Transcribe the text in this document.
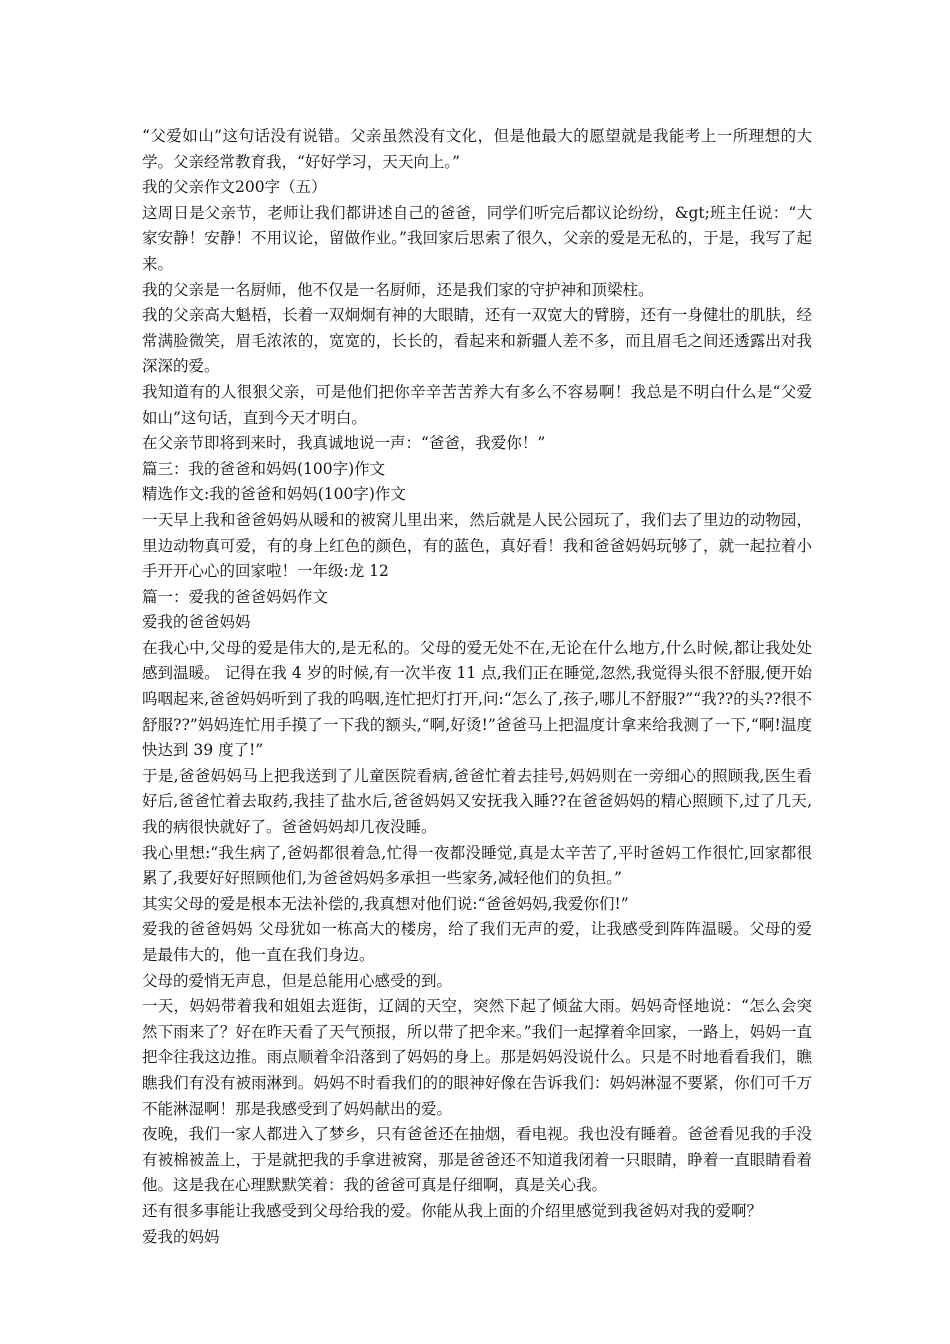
“父爱如山”这句话没有说错。父亲虽然没有文化，但是他最大的愿望就是我能考上一所理想的大学。父亲经常教育我，“好好学习，天天向上。”

我的父亲作文200字（五）

这周日是父亲节，老师让我们都讲述自己的爸爸，同学们听完后都议论纷纷，&gt;班主任说：“大家安静！安静！不用议论，留做作业。”我回家后思索了很久，父亲的爱是无私的，于是，我写了起来。

我的父亲是一名厨师，他不仅是一名厨师，还是我们家的守护神和顶梁柱。

我的父亲高大魁梧，长着一双炯炯有神的大眼睛，还有一双宽大的臂膀，还有一身健壮的肌肤，经常满脸微笑，眉毛浓浓的，宽宽的，长长的，看起来和新疆人差不多，而且眉毛之间还透露出对我深深的爱。

我知道有的人很狠父亲，可是他们把你辛辛苦苦养大有多么不容易啊！我总是不明白什么是“父爱如山”这句话，直到今天才明白。

在父亲节即将到来时，我真诚地说一声：“爸爸，我爱你！”

篇三：我的爸爸和妈妈(100字)作文

精选作文:我的爸爸和妈妈(100字)作文

一天早上我和爸爸妈妈从暖和的被窝儿里出来，然后就是人民公园玩了，我们去了里边的动物园，里边动物真可爱，有的身上红色的颜色，有的蓝色，真好看！我和爸爸妈妈玩够了，就一起拉着小手开开心心的回家啦！一年级:龙 12

篇一：爱我的爸爸妈妈作文

爱我的爸爸妈妈

在我心中,父母的爱是伟大的,是无私的。父母的爱无处不在,无论在什么地方,什么时候,都让我处处感到温暖。 记得在我 4 岁的时候,有一次半夜 11 点,我们正在睡觉,忽然,我觉得头很不舒服,便开始呜咽起来,爸爸妈妈听到了我的呜咽,连忙把灯打开,问:“怎么了,孩子,哪儿不舒服?”“我??的头??很不舒服??”妈妈连忙用手摸了一下我的额头,“啊,好烫!”爸爸马上把温度计拿来给我测了一下,“啊!温度快达到 39 度了!”

于是,爸爸妈妈马上把我送到了儿童医院看病,爸爸忙着去挂号,妈妈则在一旁细心的照顾我,医生看好后,爸爸忙着去取药,我挂了盐水后,爸爸妈妈又安抚我入睡??在爸爸妈妈的精心照顾下,过了几天,我的病很快就好了。爸爸妈妈却几夜没睡。

我心里想:“我生病了,爸妈都很着急,忙得一夜都没睡觉,真是太辛苦了,平时爸妈工作很忙,回家都很累了,我要好好照顾他们,为爸爸妈妈多承担一些家务,减轻他们的负担。”

其实父母的爱是根本无法补偿的,我真想对他们说:“爸爸妈妈,我爱你们!”

爱我的爸爸妈妈 父母犹如一栋高大的楼房，给了我们无声的爱，让我感受到阵阵温暖。父母的爱是最伟大的，他一直在我们身边。

父母的爱悄无声息，但是总能用心感受的到。

一天，妈妈带着我和姐姐去逛街，辽阔的天空，突然下起了倾盆大雨。妈妈奇怪地说：“怎么会突然下雨来了？好在昨天看了天气预报，所以带了把伞来。”我们一起撑着伞回家，一路上，妈妈一直把伞往我这边推。雨点顺着伞沿落到了妈妈的身上。那是妈妈没说什么。只是不时地看看我们，瞧瞧我们有没有被雨淋到。妈妈不时看我们的的眼神好像在告诉我们：妈妈淋湿不要紧，你们可千万不能淋湿啊！那是我感受到了妈妈献出的爱。

夜晚，我们一家人都进入了梦乡，只有爸爸还在抽烟，看电视。我也没有睡着。爸爸看见我的手没有被棉被盖上，于是就把我的手拿进被窝，那是爸爸还不知道我闭着一只眼睛，睁着一直眼睛看着他。这是我在心理默默笑着：我的爸爸可真是仔细啊，真是关心我。

还有很多事能让我感受到父母给我的爱。你能从我上面的介绍里感觉到我爸妈对我的爱啊？

爱我的妈妈
